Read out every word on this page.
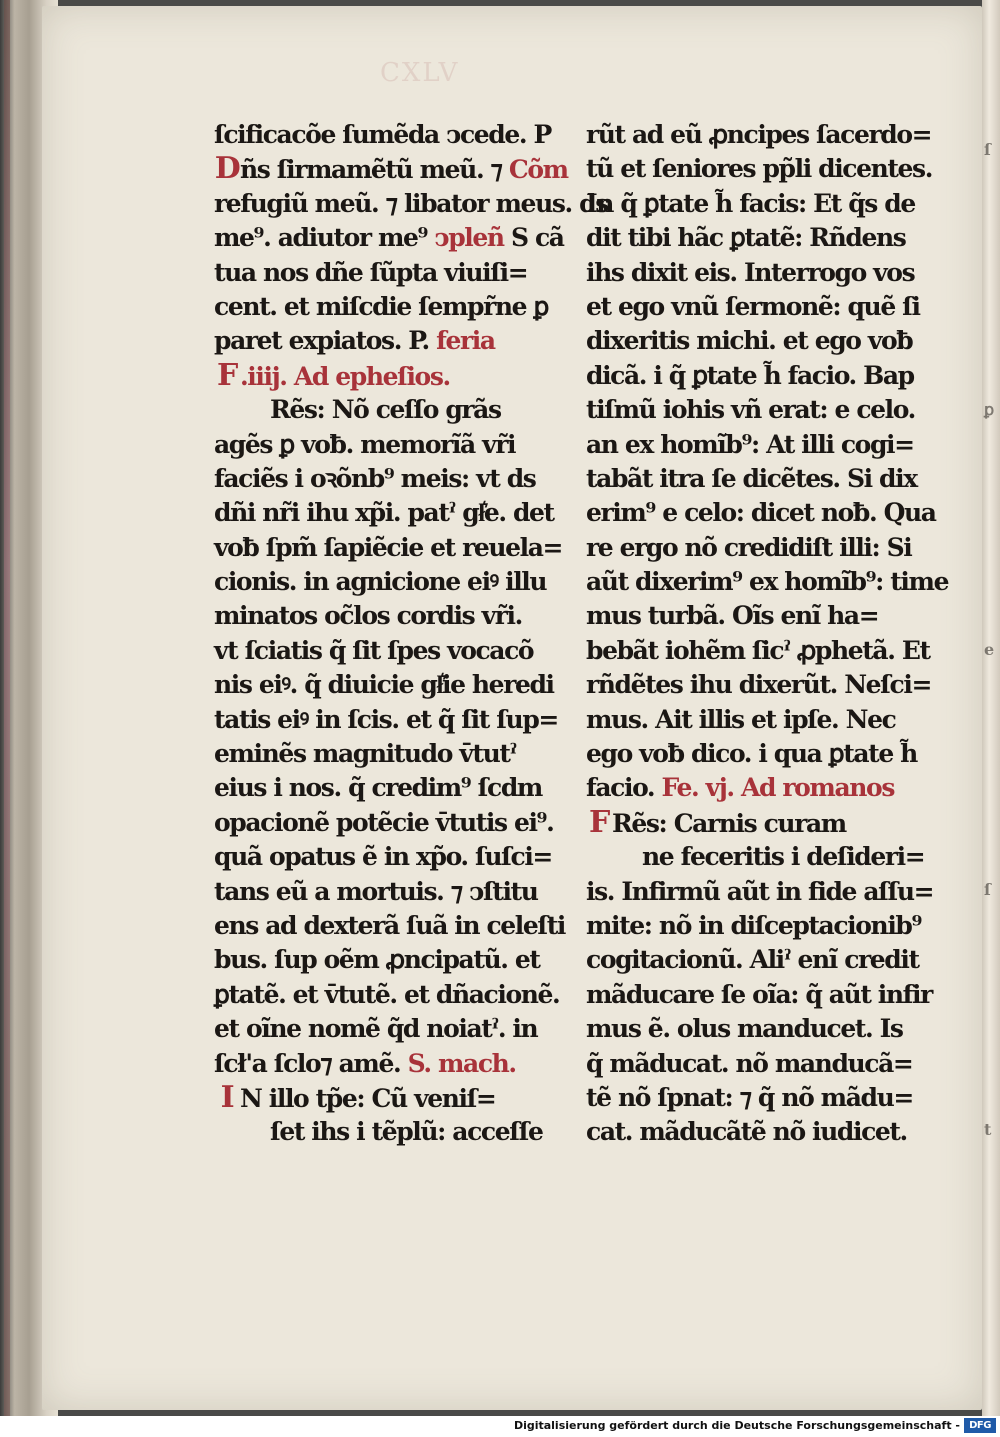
CXLV
ſcificacõe ſumẽda ↄcede. P
Dñs ſirmamẽtũ meũ. ⁊ Cõm
refugiũ meũ. ⁊ libator meus. ds
me⁹. adiutor me⁹ ↄpleñ S cã
tua nos dñe ſũpta viuiſi=
cent. et miſcdie ſempr̃ne ꝑ
paret expiatos. P. feria
F .iiij. Ad epheſios.
Rẽs: Nõ ceſſo grãs
agẽs ꝑ voƀ. memorĩã vr̃i
faciẽs i oꝛõnb⁹ meis: vt ds
dñi nr̃i ihu xp̃i. patˀ gł͛e. det
voƀ ſpm̃ ſapiẽcie et reuela=
cionis. in agnicione eiꝰ illu
minatos oc̃los cordis vr̃i.
vt ſciatis q̃ ſit ſpes vocacõ
nis eiꝰ. q̃ diuicie gł͛ie heredi
tatis eiꝰ in ſcis. et q̃ ſit ſup=
eminẽs magnitudo v̄tutˀ
eius i nos. q̃ credim⁹ ſcdm
opacionẽ potẽcie v̄tutis ei⁹.
quã opatus ẽ in xp̃o. ſuſci=
tans eũ a mortuis. ⁊ ↄſtitu
ens ad dexterã ſuã in celeſti
bus. ſup oẽm ꝓncipatũ. et
ꝑtatẽ. et v̄tutẽ. et dñacionẽ.
et oĩne nomẽ q̃d noiatˀ. in
ſcł'a ſclo⁊ amẽ. S. mach.
I N illo tp̃e: Cũ veniſ=
ſet ihs i tẽplũ: acceſſe
rũt ad eũ ꝓncipes ſacerdo=
tũ et ſeniores pp̃li dicentes.
In q̃ ꝑtate h̃ facis: Et q̃s de
dit tibi hãc ꝑtatẽ: Rñdens
ihs dixit eis. Interrogo vos
et ego vnũ ſermonẽ: quẽ ſi
dixeritis michi. et ego voƀ
dicã. i q̃ ꝑtate h̃ facio. Bap
tiſmũ iohis vñ erat: e celo.
an ex homĩb⁹: At illi cogi=
tabãt itra ſe dicẽtes. Si dix
erim⁹ e celo: dicet noƀ. Qua
re ergo nõ credidiſt illi: Si
aũt dixerim⁹ ex homĩb⁹: time
mus turbã. Oĩs enĩ ha=
bebãt iohẽm ſicˀ ꝓphetã. Et
rñdẽtes ihu dixerũt. Neſci=
mus. Ait illis et ipſe. Nec
ego voƀ dico. i qua ꝑtate h̃
facio. Fe. vj. Ad romanos
F Rẽs: Carnis curam
ne feceritis i deſideri=
is. Infirmũ aũt in fide aſſu=
mite: nõ in diſceptacionib⁹
cogitacionũ. Aliˀ enĩ credit
mãducare ſe oĩa: q̃ aũt infir
mus ẽ. olus manducet. Is
q̃ mãducat. nõ manducã=
tẽ nõ ſpnat: ⁊ q̃ nõ mãdu=
cat. mãducãtẽ nõ iudicet.
ſ
ꝑ
e
ſ
t
Digitalisierung gefördert durch die Deutsche Forschungsgemeinschaft - DFG
